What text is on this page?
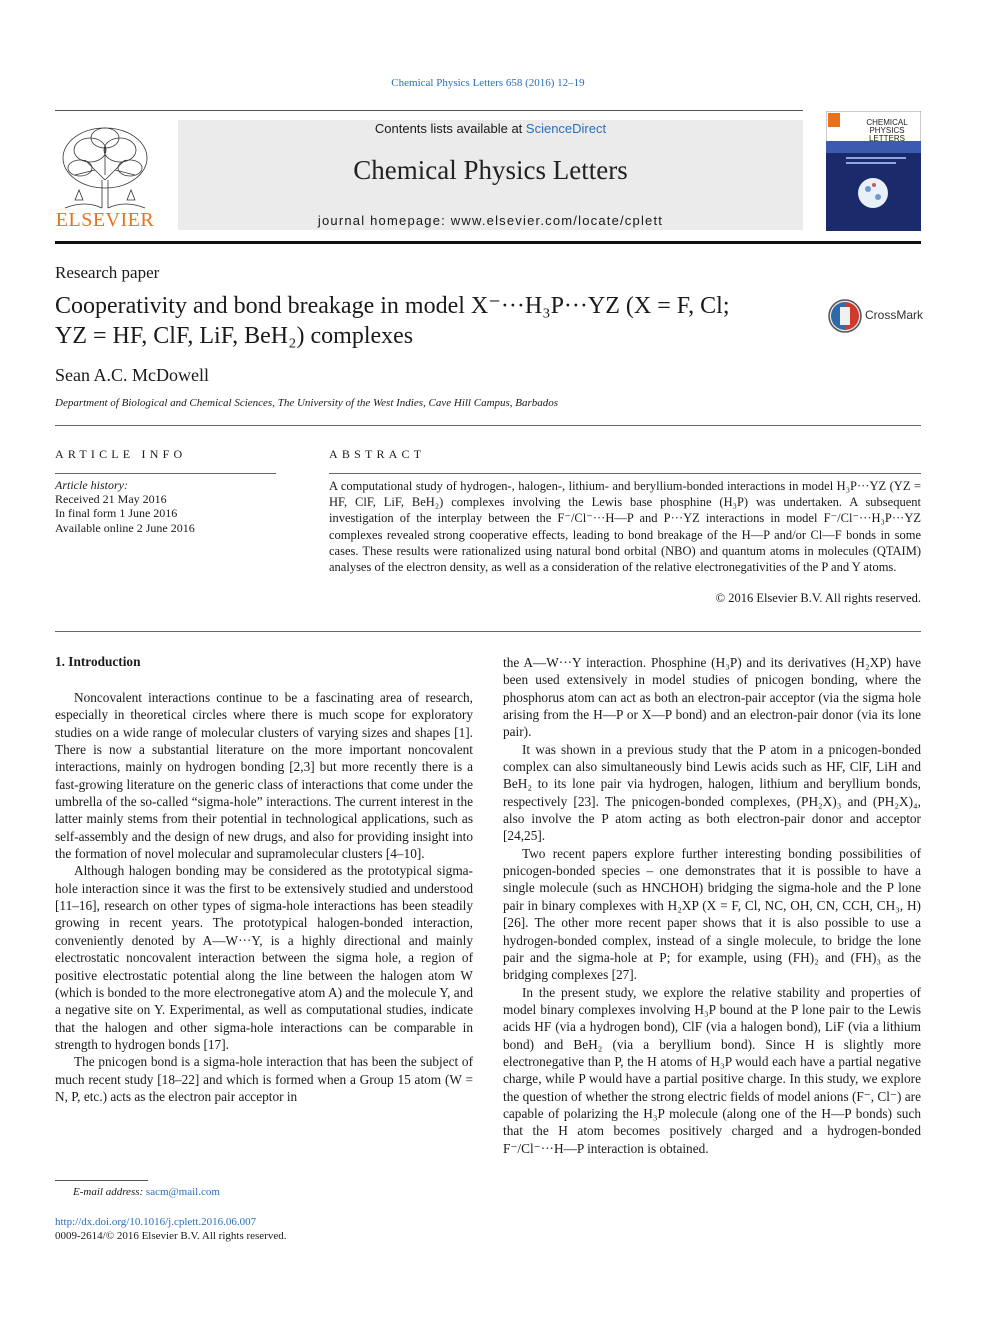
Chemical Physics Letters 658 (2016) 12–19
ELSEVIER
Contents lists available at ScienceDirect
Chemical Physics Letters
journal homepage: www.elsevier.com/locate/cplett
CHEMICAL
PHYSICS
LETTERS
Research paper
Cooperativity and bond breakage in model X⁻···H₃P···YZ (X = F, Cl;
YZ = HF, ClF, LiF, BeH₂) complexes
CrossMark
Sean A.C. McDowell
Department of Biological and Chemical Sciences, The University of the West Indies, Cave Hill Campus, Barbados
ARTICLE INFO
Article history:
Received 21 May 2016
In final form 1 June 2016
Available online 2 June 2016
ABSTRACT
A computational study of hydrogen-, halogen-, lithium- and beryllium-bonded interactions in model H₃P···YZ (YZ = HF, ClF, LiF, BeH₂) complexes involving the Lewis base phosphine (H₃P) was undertaken. A subsequent investigation of the interplay between the F⁻/Cl⁻···H—P and P···YZ interactions in model F⁻/Cl⁻···H₃P···YZ complexes revealed strong cooperative effects, leading to bond breakage of the H—P and/or Cl—F bonds in some cases. These results were rationalized using natural bond orbital (NBO) and quantum atoms in molecules (QTAIM) analyses of the electron density, as well as a consideration of the relative electronegativities of the P and Y atoms.
© 2016 Elsevier B.V. All rights reserved.
1. Introduction

Noncovalent interactions continue to be a fascinating area of research, especially in theoretical circles where there is much scope for exploratory studies on a wide range of molecular clusters of varying sizes and shapes [1]. There is now a substantial literature on the more important noncovalent interactions, mainly on hydrogen bonding [2,3] but more recently there is a fast-growing literature on the generic class of interactions that come under the umbrella of the so-called “sigma-hole” interactions. The current interest in the latter mainly stems from their potential in technological applications, such as self-assembly and the design of new drugs, and also for providing insight into the formation of novel molecular and supramolecular clusters [4–10].

Although halogen bonding may be considered as the prototypical sigma-hole interaction since it was the first to be extensively studied and understood [11–16], research on other types of sigma-hole interactions has been steadily growing in recent years. The prototypical halogen-bonded interaction, conveniently denoted by A—W···Y, is a highly directional and mainly electrostatic noncovalent interaction between the sigma hole, a region of positive electrostatic potential along the line between the halogen atom W (which is bonded to the more electronegative atom A) and the molecule Y, and a negative site on Y. Experimental, as well as computational studies, indicate that the halogen and other sigma-hole interactions can be comparable in strength to hydrogen bonds [17].

The pnicogen bond is a sigma-hole interaction that has been the subject of much recent study [18–22] and which is formed when a Group 15 atom (W = N, P, etc.) acts as the electron pair acceptor in

the A—W···Y interaction. Phosphine (H₃P) and its derivatives (H₂XP) have been used extensively in model studies of pnicogen bonding, where the phosphorus atom can act as both an electron-pair acceptor (via the sigma hole arising from the H—P or X—P bond) and an electron-pair donor (via its lone pair).

It was shown in a previous study that the P atom in a pnicogen-bonded complex can also simultaneously bind Lewis acids such as HF, ClF, LiH and BeH₂ to its lone pair via hydrogen, halogen, lithium and beryllium bonds, respectively [23]. The pnicogen-bonded complexes, (PH₂X)₃ and (PH₂X)₄, also involve the P atom acting as both electron-pair donor and acceptor [24,25].

Two recent papers explore further interesting bonding possibilities of pnicogen-bonded species – one demonstrates that it is possible to have a single molecule (such as HNCHOH) bridging the sigma-hole and the P lone pair in binary complexes with H₂XP (X = F, Cl, NC, OH, CN, CCH, CH₃, H) [26]. The other more recent paper shows that it is also possible to use a hydrogen-bonded complex, instead of a single molecule, to bridge the lone pair and the sigma-hole at P; for example, using (FH)₂ and (FH)₃ as the bridging complexes [27].

In the present study, we explore the relative stability and properties of model binary complexes involving H₃P bound at the P lone pair to the Lewis acids HF (via a hydrogen bond), ClF (via a halogen bond), LiF (via a lithium bond) and BeH₂ (via a beryllium bond). Since H is slightly more electronegative than P, the H atoms of H₃P would each have a partial negative charge, while P would have a partial positive charge. In this study, we explore the question of whether the strong electric fields of model anions (F⁻, Cl⁻) are capable of polarizing the H₃P molecule (along one of the H—P bonds) such that the H atom becomes positively charged and a hydrogen-bonded F⁻/Cl⁻···H—P interaction is obtained.

E-mail address: sacm@mail.com
http://dx.doi.org/10.1016/j.cplett.2016.06.007
0009-2614/© 2016 Elsevier B.V. All rights reserved.
